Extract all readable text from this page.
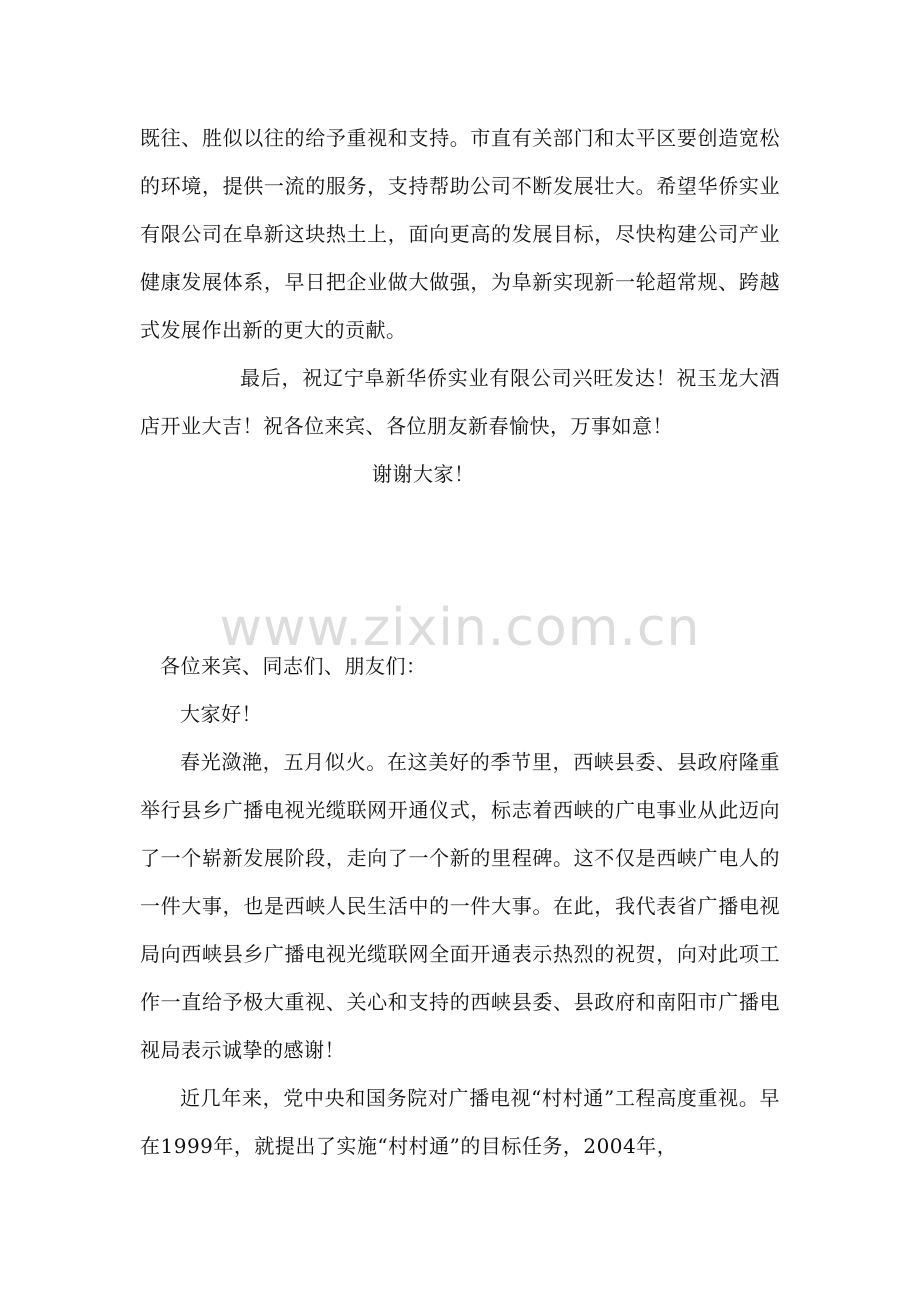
www.zixin.com.cn

既往、胜似以往的给予重视和支持。市直有关部门和太平区要创造宽松的环境，提供一流的服务，支持帮助公司不断发展壮大。希望华侨实业有限公司在阜新这块热土上，面向更高的发展目标，尽快构建公司产业健康发展体系，早日把企业做大做强，为阜新实现新一轮超常规、跨越式发展作出新的更大的贡献。

最后，祝辽宁阜新华侨实业有限公司兴旺发达！祝玉龙大酒店开业大吉！祝各位来宾、各位朋友新春愉快，万事如意！

谢谢大家！

各位来宾、同志们、朋友们：

大家好！

春光潋滟，五月似火。在这美好的季节里，西峡县委、县政府隆重举行县乡广播电视光缆联网开通仪式，标志着西峡的广电事业从此迈向了一个崭新发展阶段，走向了一个新的里程碑。这不仅是西峡广电人的一件大事，也是西峡人民生活中的一件大事。在此，我代表省广播电视局向西峡县乡广播电视光缆联网全面开通表示热烈的祝贺，向对此项工作一直给予极大重视、关心和支持的西峡县委、县政府和南阳市广播电视局表示诚挚的感谢！

近几年来，党中央和国务院对广播电视“村村通”工程高度重视。早在1999年，就提出了实施“村村通”的目标任务，2004年，
